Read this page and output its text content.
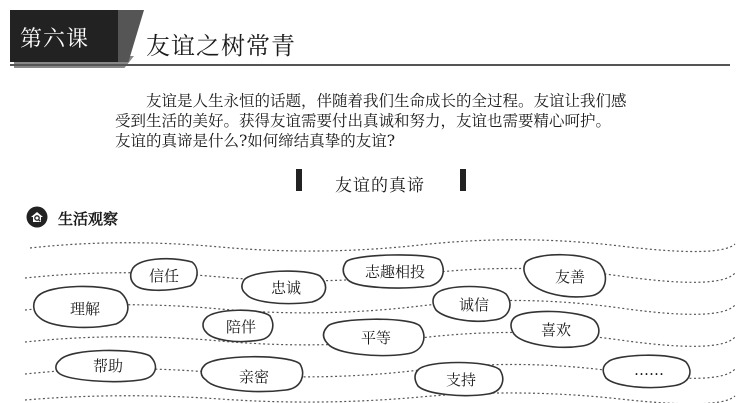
第六课	友谊之树常青
友谊是人生永恒的话题，伴随着我们生命成长的全过程。友谊让我们感
受到生活的美好。获得友谊需要付出真诚和努力，友谊也需要精心呵护。
友谊的真谛是什么?如何缔结真挚的友谊?
友谊的真谛
生活观察
信任
忠诚
志趣相投	友善
理解	诚信
陪伴
平等	喜欢
帮助
亲密	支持
……
